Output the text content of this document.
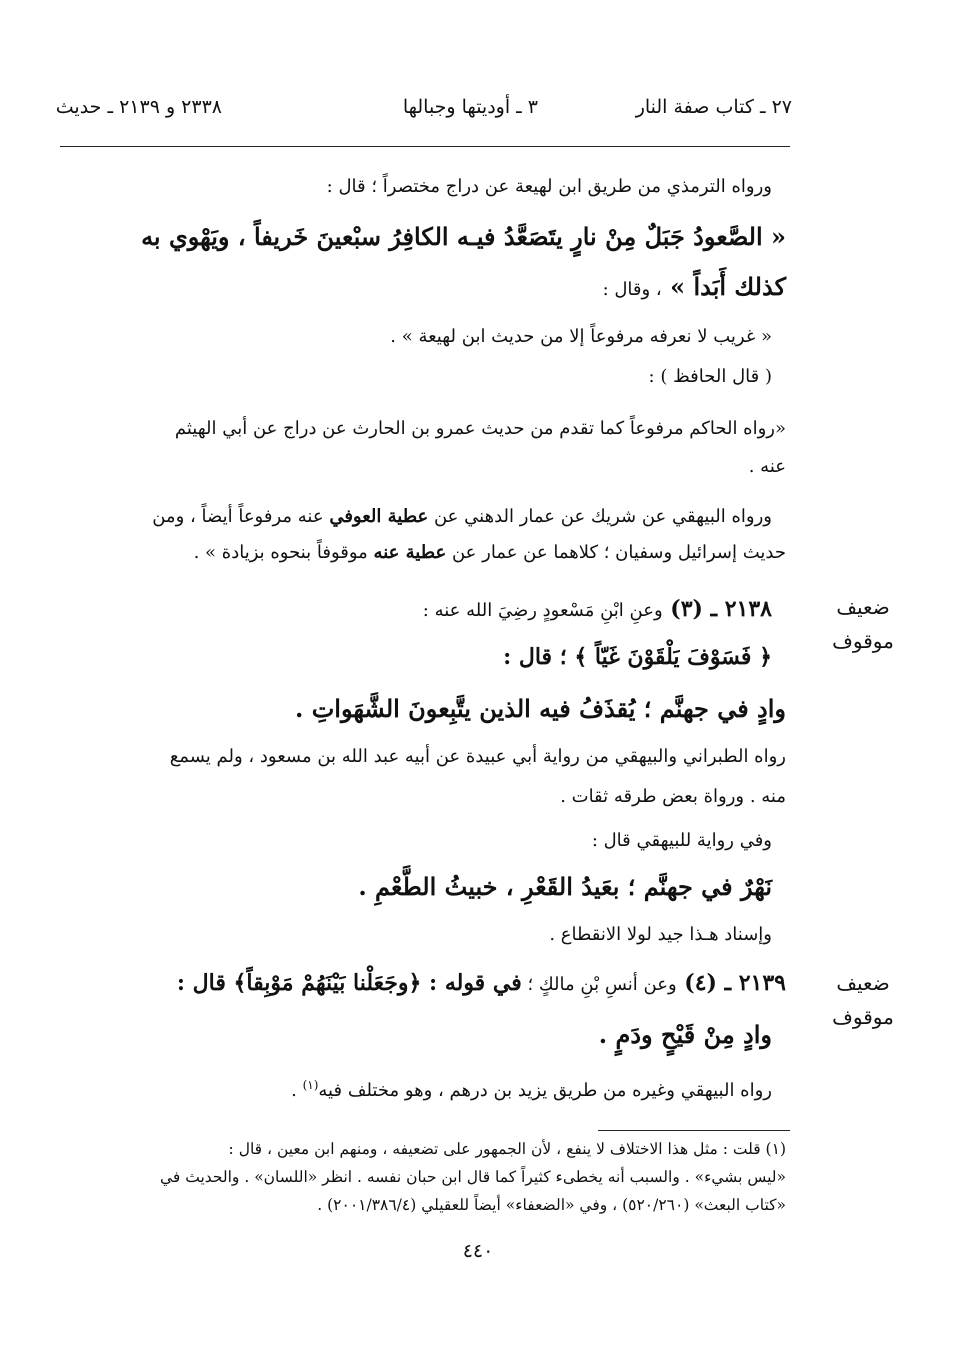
٢٧ ـ كتاب صفة النار
٣ ـ أوديتها وجبالها
٢٣٣٨ و ٢١٣٩ ـ حديث
ورواه الترمذي من طريق ابن لهيعة عن دراج مختصراً ؛ قال :
« الصَّعودُ جَبَلٌ مِنْ نارٍ يتَصَعَّدُ فيـه الكافِرُ سبْعينَ خَريفاً ، ويَهْوي به
كذلك أَبَداً » ، وقال :
« غريب لا نعرفه مرفوعاً إلا من حديث ابن لهيعة » .
( قال الحافظ ) :
«رواه الحاكم مرفوعاً كما تقدم من حديث عمرو بن الحارث عن دراج عن أبي الهيثم
عنه .
ورواه البيهقي عن شريك عن عمار الدهني عن عطية العوفي عنه مرفوعاً أيضاً ، ومن
حديث إسرائيل وسفيان ؛ كلاهما عن عمار عن عطية عنه موقوفاً بنحوه بزيادة » .
ضعيف
موقوف
٢١٣٨ ـ (٣) وعنِ ابْنِ مَسْعودٍ رضِيَ الله عنه :
﴿ فَسَوْفَ يَلْقَوْنَ غَيّاً ﴾ ؛ قال :
وادٍ في جهنَّم ؛ يُقذَفُ فيه الذين يتَّبِعونَ الشَّهَواتِ .
رواه الطبراني والبيهقي من رواية أبي عبيدة عن أبيه عبد الله بن مسعود ، ولم يسمع
منه . ورواة بعض طرقه ثقات .
وفي رواية للبيهقي قال :
نَهْرٌ في جهنَّم ؛ بعَيدُ القَعْرِ ، خبيثُ الطَّعْمِ .
وإسناد هـذا جيد لولا الانقطاع .
ضعيف
موقوف
٢١٣٩ ـ (٤) وعن أنسِ بْنِ مالكٍ ؛ في قوله : ﴿وجَعَلْنا بَيْنَهُمْ مَوْبِقاً﴾ قال :
وادٍ مِنْ قَيْحٍ ودَمٍ .
رواه البيهقي وغيره من طريق يزيد بن درهم ، وهو مختلف فيه$^{(١)}$ .
(١) قلت : مثل هذا الاختلاف لا ينفع ، لأن الجمهور على تضعيفه ، ومنهم ابن معين ، قال :
«ليس بشيء» . والسبب أنه يخطىء كثيراً كما قال ابن حبان نفسه . انظر «اللسان» . والحديث في
«كتاب البعث» (٥٢٠/٢٦٠) ، وفي «الضعفاء» أيضاً للعقيلي (٢٠٠١/٣٨٦/٤) .
٤٤٠
